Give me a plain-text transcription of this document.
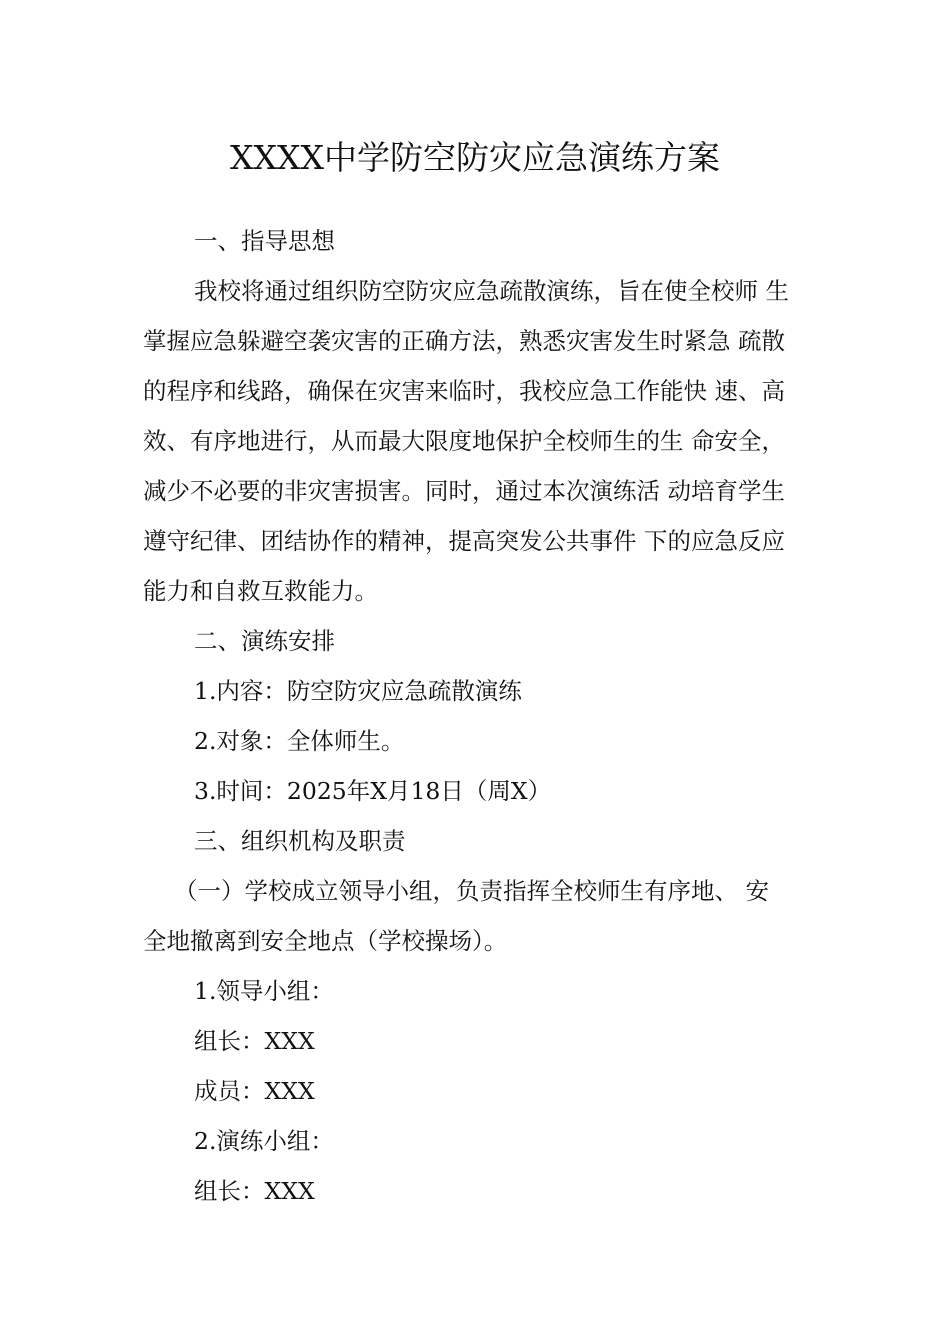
XXXX中学防空防灾应急演练方案
一、指导思想
我校将通过组织防空防灾应急疏散演练，旨在使全校师 生
掌握应急躲避空袭灾害的正确方法，熟悉灾害发生时紧急 疏散
的程序和线路，确保在灾害来临时，我校应急工作能快 速、高
效、有序地进行，从而最大限度地保护全校师生的生 命安全，
减少不必要的非灾害损害。同时，通过本次演练活 动培育学生
遵守纪律、团结协作的精神，提高突发公共事件 下的应急反应
能力和自救互救能力。
二、演练安排
1.内容：防空防灾应急疏散演练
2.对象：全体师生。
3.时间：2025年X月18日（周X）
三、组织机构及职责
（一）学校成立领导小组，负责指挥全校师生有序地、 安
全地撤离到安全地点（学校操场）。
1.领导小组：
组长：XXX
成员：XXX
2.演练小组：
组长：XXX
